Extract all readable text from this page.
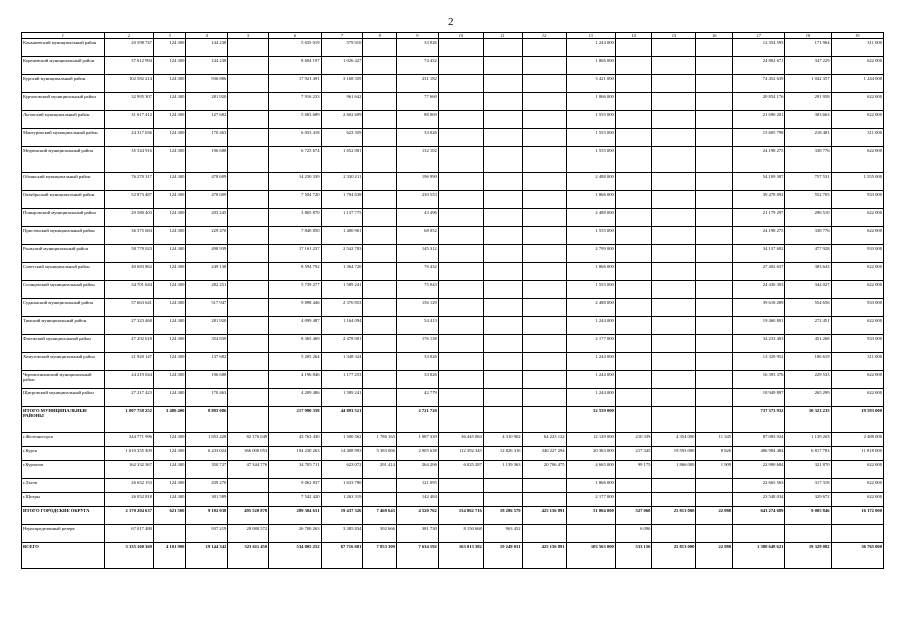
2
1	2	3	4	5	6	7	8	9	10	11	12	13	14	15	16	17	18	19
Конышевский муниципальный район	20 598 747	124 300	144 238		5 635 019	579 010		33 026				1 244 000				12 354 595	171 964	311 000
Кореневский муниципальный район	37 612 994	124 300	144 238		8 604 197	1 026 427		74 432				1 866 000				24 802 671	347 229	622 000
Курский муниципальный район	102 582 214	124 300	936 886		17 921 491	3 168 359		231 182				3 421 000				74 452 639	1 042 357	1 244 000
Курчатовский муниципальный район	32 995 307	124 300	281 920		7 916 233	961 642		77 660				1 866 000				20 854 176	291 958	622 000
Льговский муниципальный район	31 617 412	124 300	127 682		5 063 689	2 602 609		88 069				1 555 000				21 690 201	303 663	622 000
Мантуровский муниципальный район	24 317 036	124 300	170 463		6 053 418	623 359		33 026				1 555 000				15 605 798	218 481	311 000
Медвенский муниципальный район	35 544 916	124 300	196 688		6 725 674	1 652 001		132 102				1 555 000				24 198 275	338 776	622 000
Обоянский муниципальный район	76 270 317	124 300	478 609		14 230 339	2 330 211		196 990				2 488 000				54 109 387	757 531	1 555 000
Октябрьский муниципальный район	52 873 487	124 300	478 609		7 504 720	1 704 638		230 553				1 866 000				39 478 092	552 705	933 000
Поныровский муниципальный район	29 580 403	124 300	203 245		3 865 870	1 137 775		43 496				2 488 000				21 179 297	296 510	622 000
Пристенский муниципальный район	36 375 684	124 300	229 470		7 840 850	1 400 961		68 052				1 555 000				24 198 275	338 776	622 000
Рыльский муниципальный район	58 778 023	124 300	498 939		17 161 237	2 542 783		145 312				2 799 000				34 137 682	477 928	933 000
Советский муниципальный район	40 683 862	124 300	249 138		8 594 792	1 364 720		76 432				1 866 000				27 402 637	383 643	622 000
Солнцевский муниципальный район	34 701 644	124 300	282 251		5 739 277	1 589 241		75 043				1 555 000				24 430 303	342 027	622 000
Суджанский муниципальный район	57 663 641	124 300	517 947		9 898 446	2 376 853		156 129				2 488 000				39 618 289	554 656	933 000
Тимский муниципальный район	27 323 468	124 300	281 920		4 099 487	1 164 094		54 413				1 244 000				19 460 801	272 451	622 000
Фатежский муниципальный район	47 292 618	124 300	354 839		8 365 469	2 478 001		176 138				2 177 000				32 233 403	451 268	933 000
Хомутовский муниципальный район	21 920 147	124 300	137 682		5 205 264	1 348 324		33 026				1 244 000				13 329 952	186 619	311 000
Черемисиновский муниципальный район	24 219 044	124 300	196 688		4 196 846	1 177 253		33 026				1 244 000				16 393 376	229 533	622 000
Щигровский муниципальный район	27 217 423	124 300	170 463		4 209 486	1 589 241		42 779				1 244 000				18 949 897	265 299	622 000
ИТОГО МУНИЦИПАЛЬНЫЕ РАЙОНЫ	1 097 758 252	3 480 400	8 805 086		217 990 358	44 893 521		2 721 720				52 559 000				737 373 932	10 323 235	19 593 000
г.Железногорск	344 771 996	124 300	1 853 428	82 176 049	43 763 430	1 500 562	1 786 163	1 087 339	36 445 084	4 310 902	64 223 122	12 129 000	210 339	4 354 000	11 345	87 083 924	1 139 203	2 488 000
г.Курск	1 610 355 309	124 300	6 233 024	366 000 053	194 230 263	14 408 993	5 383 066	2 905 638	112 392 345	12 826 316	340 227 294	20 363 000	217 345	19 593 000	8 826	486 984 484	6 817 783	11 818 000
г.Курчатов	162 332 367	124 300	350 727	47 344 776	34 705 711	623 072	291 414	264 206	6 025 287	1 139 363	20 706 475	4 665 000	99 175	1 866 000	1 909	22 990 684	321 870	622 000
г.Льгов	26 652 153	124 300	439 270		9 062 837	1 633 780		121 095				1 866 000				22 665 563	317 318	622 000
г.Щигры	26 052 818	124 300	301 589		7 542 420	1 263 319		142 484				2 177 000				23 548 034	329 672	622 000
ИТОГО ГОРОДСКИЕ ОКРУГА	2 170 204 637	621 500	9 182 038	495 520 878	289 304 631	19 437 326	7 460 643	4 520 762	154 862 716	18 286 579	425 156 891	51 004 000	527 060	25 813 000	22 080	643 274 689	9 005 846	16 172 000
Нераспределенный резерв	67 017 480		937 219	28 080 572	26 700 263	3 385 834	392 666	381 730	8 150 668	963 452			6 096					
ВСЕГО	3 335 160 369	4 101 900	19 144 342	523 611 450	534 005 252	67 716 681	7 853 309	7 634 192	163 013 382	19 249 031	425 156 891	103 563 000	533 156	25 813 000	22 080	1 380 648 621	19 329 082	36 765 000
